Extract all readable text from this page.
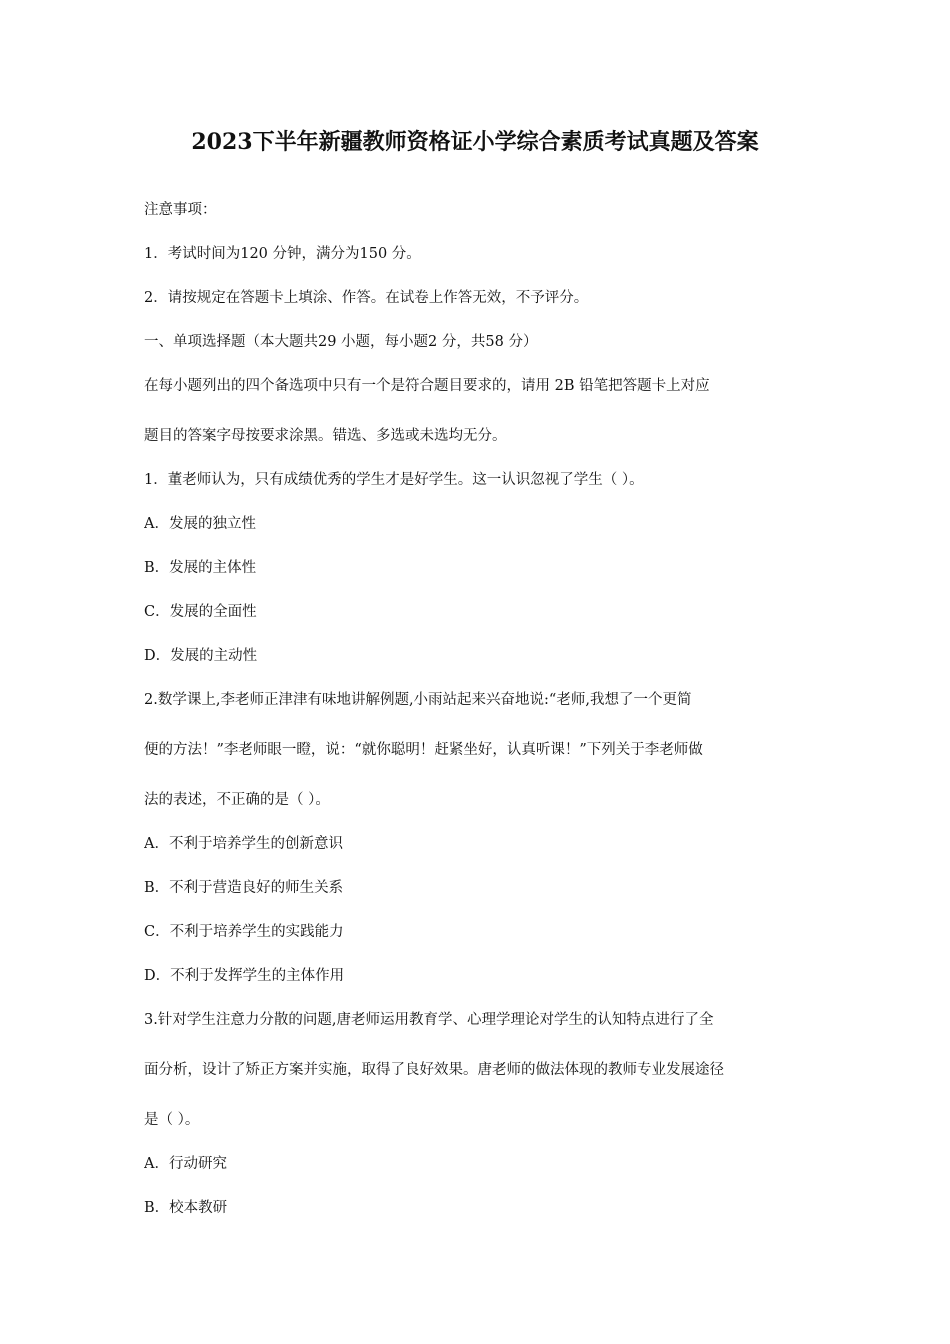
2023下半年新疆教师资格证小学综合素质考试真题及答案
注意事项：
1．考试时间为120 分钟，满分为150 分。
2．请按规定在答题卡上填涂、作答。在试卷上作答无效，不予评分。
一、单项选择题（本大题共29 小题，每小题2 分，共58 分）
在每小题列出的四个备选项中只有一个是符合题目要求的，请用 2B 铅笔把答题卡上对应
题目的答案字母按要求涂黑。错选、多选或未选均无分。
1．董老师认为，只有成绩优秀的学生才是好学生。这一认识忽视了学生（ ）。
A．发展的独立性
B．发展的主体性
C．发展的全面性
D．发展的主动性
2.数学课上,李老师正津津有味地讲解例题,小雨站起来兴奋地说:“老师,我想了一个更简
便的方法！”李老师眼一瞪，说：“就你聪明！赶紧坐好，认真听课！”下列关于李老师做
法的表述，不正确的是（ ）。
A．不利于培养学生的创新意识
B．不利于营造良好的师生关系
C．不利于培养学生的实践能力
D．不利于发挥学生的主体作用
3.针对学生注意力分散的问题,唐老师运用教育学、心理学理论对学生的认知特点进行了全
面分析，设计了矫正方案并实施，取得了良好效果。唐老师的做法体现的教师专业发展途径
是（ ）。
A．行动研究
B．校本教研
